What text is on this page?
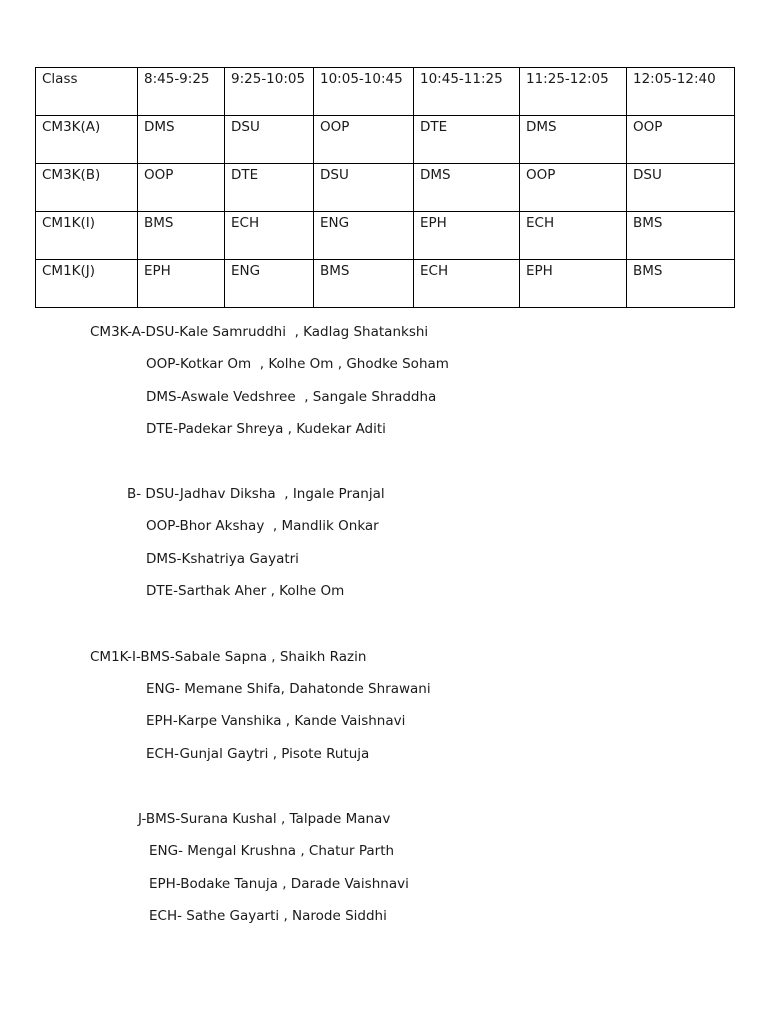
Class	8:45-9:25	9:25-10:05	10:05-10:45	10:45-11:25	11:25-12:05	12:05-12:40
CM3K(A)	DMS	DSU	OOP	DTE	DMS	OOP
CM3K(B)	OOP	DTE	DSU	DMS	OOP	DSU
CM1K(I)	BMS	ECH	ENG	EPH	ECH	BMS
CM1K(J)	EPH	ENG	BMS	ECH	EPH	BMS

CM3K-A-DSU-Kale Samruddhi  , Kadlag Shatankshi

OOP-Kotkar Om  , Kolhe Om , Ghodke Soham

DMS-Aswale Vedshree  , Sangale Shraddha

DTE-Padekar Shreya , Kudekar Aditi

B- DSU-Jadhav Diksha  , Ingale Pranjal

OOP-Bhor Akshay  , Mandlik Onkar

DMS-Kshatriya Gayatri

DTE-Sarthak Aher , Kolhe Om

CM1K-I-BMS-Sabale Sapna , Shaikh Razin

ENG- Memane Shifa, Dahatonde Shrawani

EPH-Karpe Vanshika , Kande Vaishnavi

ECH-Gunjal Gaytri , Pisote Rutuja

J-BMS-Surana Kushal , Talpade Manav

ENG- Mengal Krushna , Chatur Parth

EPH-Bodake Tanuja , Darade Vaishnavi

ECH- Sathe Gayarti , Narode Siddhi
